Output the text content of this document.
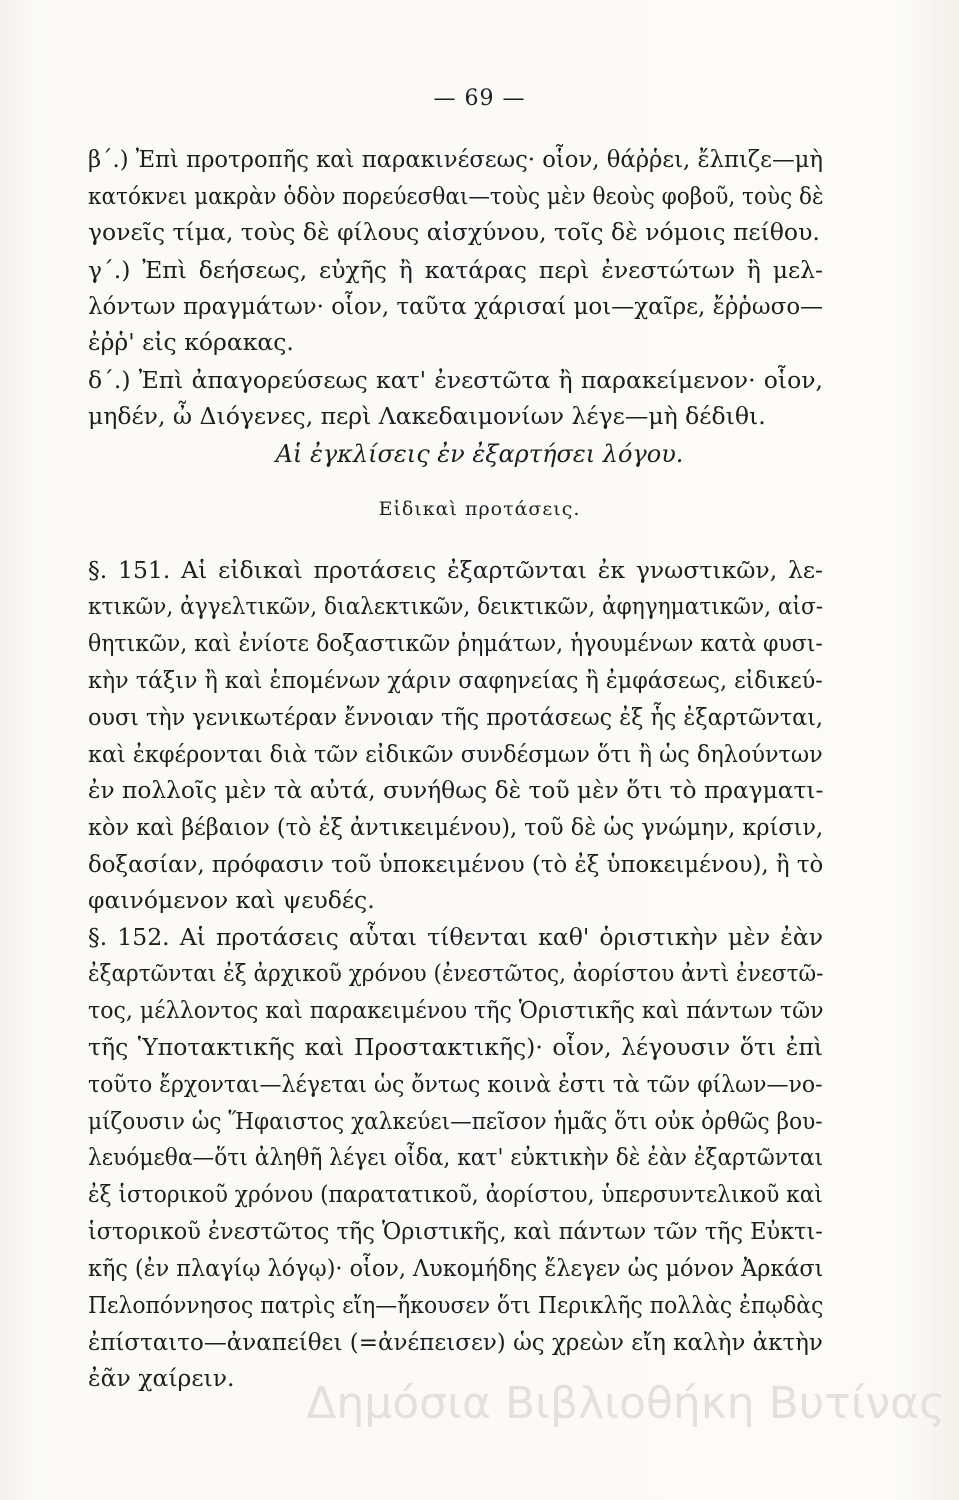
— 69 —
β΄.) Ἐπὶ προτροπῆς καὶ παρακινέσεως· οἷον, θάῤῥει, ἔλπιζε—μὴ
κατόκνει μακρὰν ὁδὸν πορεύεσθαι—τοὺς μὲν θεοὺς φοβοῦ, τοὺς δὲ
γονεῖς τίμα, τοὺς δὲ φίλους αἰσχύνου, τοῖς δὲ νόμοις πείθου.
γ΄.) Ἐπὶ δεήσεως, εὐχῆς ἢ κατάρας περὶ ἐνεστώτων ἢ μελ-
λόντων πραγμάτων· οἷον, ταῦτα χάρισαί μοι—χαῖρε, ἔῤῥωσο—
ἐῤῥ' εἰς κόρακας.
δ΄.) Ἐπὶ ἀπαγορεύσεως κατ' ἐνεστῶτα ἢ παρακείμενον· οἷον,
μηδέν, ὦ Διόγενες, περὶ Λακεδαιμονίων λέγε—μὴ δέδιθι.
Αἱ ἐγκλίσεις ἐν ἐξαρτήσει λόγου.
Εἰδικαὶ προτάσεις.
§. 151. Αἱ εἰδικαὶ προτάσεις ἐξαρτῶνται ἐκ γνωστικῶν, λε-
κτικῶν, ἀγγελτικῶν, διαλεκτικῶν, δεικτικῶν, ἀφηγηματικῶν, αἰσ-
θητικῶν, καὶ ἐνίοτε δοξαστικῶν ῥημάτων, ἡγουμένων κατὰ φυσι-
κὴν τάξιν ἢ καὶ ἑπομένων χάριν σαφηνείας ἢ ἐμφάσεως, εἰδικεύ-
ουσι τὴν γενικωτέραν ἔννοιαν τῆς προτάσεως ἐξ ἧς ἐξαρτῶνται,
καὶ ἐκφέρονται διὰ τῶν εἰδικῶν συνδέσμων ὅτι ἢ ὡς δηλούντων
ἐν πολλοῖς μὲν τὰ αὐτά, συνήθως δὲ τοῦ μὲν ὅτι τὸ πραγματι-
κὸν καὶ βέβαιον (τὸ ἐξ ἀντικειμένου), τοῦ δὲ ὡς γνώμην, κρίσιν,
δοξασίαν, πρόφασιν τοῦ ὑποκειμένου (τὸ ἐξ ὑποκειμένου), ἢ τὸ
φαινόμενον καὶ ψευδές.
§. 152. Αἱ προτάσεις αὗται τίθενται καθ' ὁριστικὴν μὲν ἐὰν
ἐξαρτῶνται ἐξ ἀρχικοῦ χρόνου (ἐνεστῶτος, ἀορίστου ἀντὶ ἐνεστῶ-
τος, μέλλοντος καὶ παρακειμένου τῆς Ὁριστικῆς καὶ πάντων τῶν
τῆς Ὑποτακτικῆς καὶ Προστακτικῆς)· οἷον, λέγουσιν ὅτι ἐπὶ
τοῦτο ἔρχονται—λέγεται ὡς ὄντως κοινὰ ἐστι τὰ τῶν φίλων—νο-
μίζουσιν ὡς Ἥφαιστος χαλκεύει—πεῖσον ἡμᾶς ὅτι οὐκ ὀρθῶς βου-
λευόμεθα—ὅτι ἀληθῆ λέγει οἶδα, κατ' εὐκτικὴν δὲ ἐὰν ἐξαρτῶνται
ἐξ ἱστορικοῦ χρόνου (παρατατικοῦ, ἀορίστου, ὑπερσυντελικοῦ καὶ
ἱστορικοῦ ἐνεστῶτος τῆς Ὁριστικῆς, καὶ πάντων τῶν τῆς Εὐκτι-
κῆς (ἐν πλαγίῳ λόγῳ)· οἷον, Λυκομήδης ἔλεγεν ὡς μόνον Ἀρκάσι
Πελοπόννησος πατρὶς εἴη—ἤκουσεν ὅτι Περικλῆς πολλὰς ἐπῳδὰς
ἐπίσταιτο—ἀναπείθει (=ἀνέπεισεν) ὡς χρεὼν εἴη καλὴν ἀκτὴν
ἐᾶν χαίρειν.	Δημόσια Βιβλιοθήκη Βυτίνας
